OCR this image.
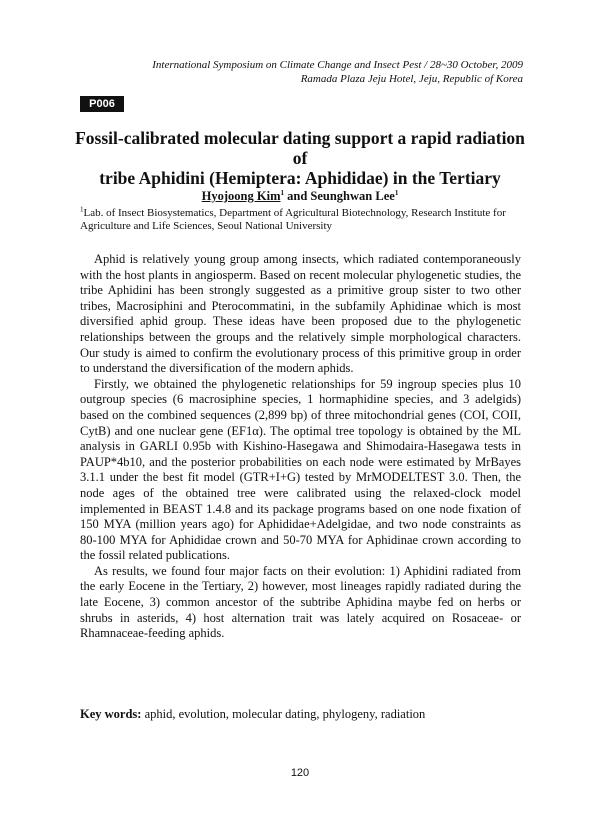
International Symposium on Climate Change and Insect Pest / 28~30 October, 2009
Ramada Plaza Jeju Hotel, Jeju, Republic of Korea
P006
Fossil-calibrated molecular dating support a rapid radiation of
tribe Aphidini (Hemiptera: Aphididae) in the Tertiary
Hyojoong Kim$^1$ and Seunghwan Lee$^1$
$^1$Lab. of Insect Biosystematics, Department of Agricultural Biotechnology, Research Institute for Agriculture and Life Sciences, Seoul National University

Aphid is relatively young group among insects, which radiated contemporaneously with the host plants in angiosperm. Based on recent molecular phylogenetic studies, the tribe Aphidini has been strongly suggested as a primitive group sister to two other tribes, Macrosiphini and Pterocommatini, in the subfamily Aphidinae which is most diversified aphid group. These ideas have been proposed due to the phylogenetic relationships between the groups and the relatively simple morphological characters. Our study is aimed to confirm the evolutionary process of this primitive group in order to understand the diversification of the modern aphids.

Firstly, we obtained the phylogenetic relationships for 59 ingroup species plus 10 outgroup species (6 macrosiphine species, 1 hormaphidine species, and 3 adelgids) based on the combined sequences (2,899 bp) of three mitochondrial genes (COI, COII, CytB) and one nuclear gene (EF1α). The optimal tree topology is obtained by the ML analysis in GARLI 0.95b with Kishino-Hasegawa and Shimodaira-Hasegawa tests in PAUP*4b10, and the posterior probabilities on each node were estimated by MrBayes 3.1.1 under the best fit model (GTR+I+G) tested by MrMODELTEST 3.0. Then, the node ages of the obtained tree were calibrated using the relaxed-clock model implemented in BEAST 1.4.8 and its package programs based on one node fixation of 150 MYA (million years ago) for Aphididae+Adelgidae, and two node constraints as 80-100 MYA for Aphididae crown and 50-70 MYA for Aphidinae crown according to the fossil related publications.

As results, we found four major facts on their evolution: 1) Aphidini radiated from the early Eocene in the Tertiary, 2) however, most lineages rapidly radiated during the late Eocene, 3) common ancestor of the subtribe Aphidina maybe fed on herbs or shrubs in asterids, 4) host alternation trait was lately acquired on Rosaceae- or Rhamnaceae-feeding aphids.

Key words: aphid, evolution, molecular dating, phylogeny, radiation
120
